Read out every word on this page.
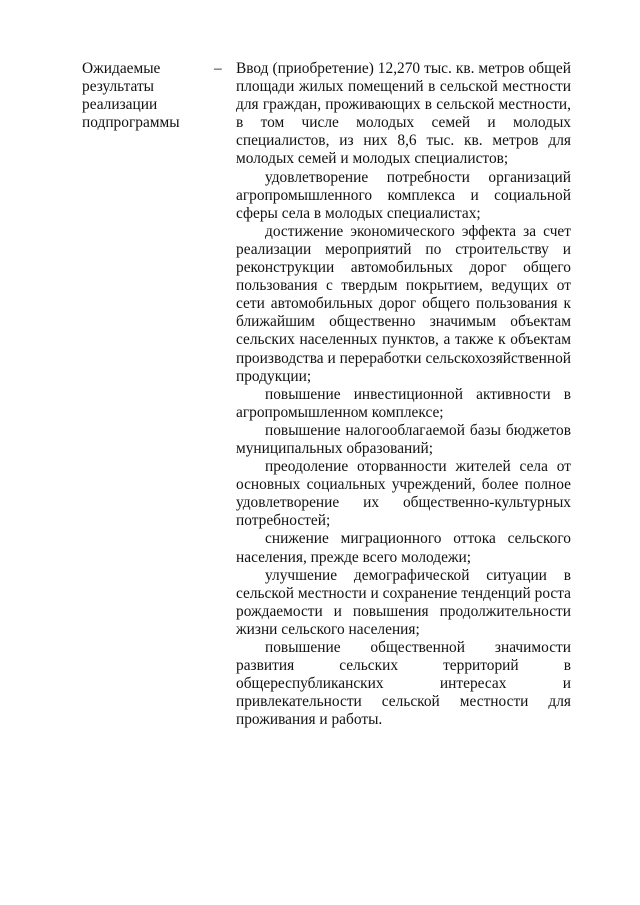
Ожидаемые
результаты
реализации
подпрограммы
– Ввод (приобретение) 12,270 тыс. кв. метров общей площади жилых помещений в сельской местности для граждан, проживающих в сельской местности, в том числе молодых семей и молодых специалистов, из них 8,6 тыс. кв. метров для молодых семей и молодых специалистов;

удовлетворение потребности организаций агропромышленного комплекса и социальной сферы села в молодых специалистах;

достижение экономического эффекта за счет реализации мероприятий по строительству и реконструкции автомобильных дорог общего пользования с твердым покрытием, ведущих от сети автомобильных дорог общего пользования к ближайшим общественно значимым объектам сельских населенных пунктов, а также к объектам производства и переработки сельскохозяйственной продукции;

повышение инвестиционной активности в агропромышленном комплексе;

повышение налогооблагаемой базы бюджетов муниципальных образований;

преодоление оторванности жителей села от основных социальных учреждений, более полное удовлетворение их общественно-культурных потребностей;

снижение миграционного оттока сельского населения, прежде всего молодежи;

улучшение демографической ситуации в сельской местности и сохранение тенденций роста рождаемости и повышения продолжительности жизни сельского населения;

повышение общественной значимости развития сельских территорий в общереспубликанских интересах и привлекательности сельской местности для проживания и работы.
